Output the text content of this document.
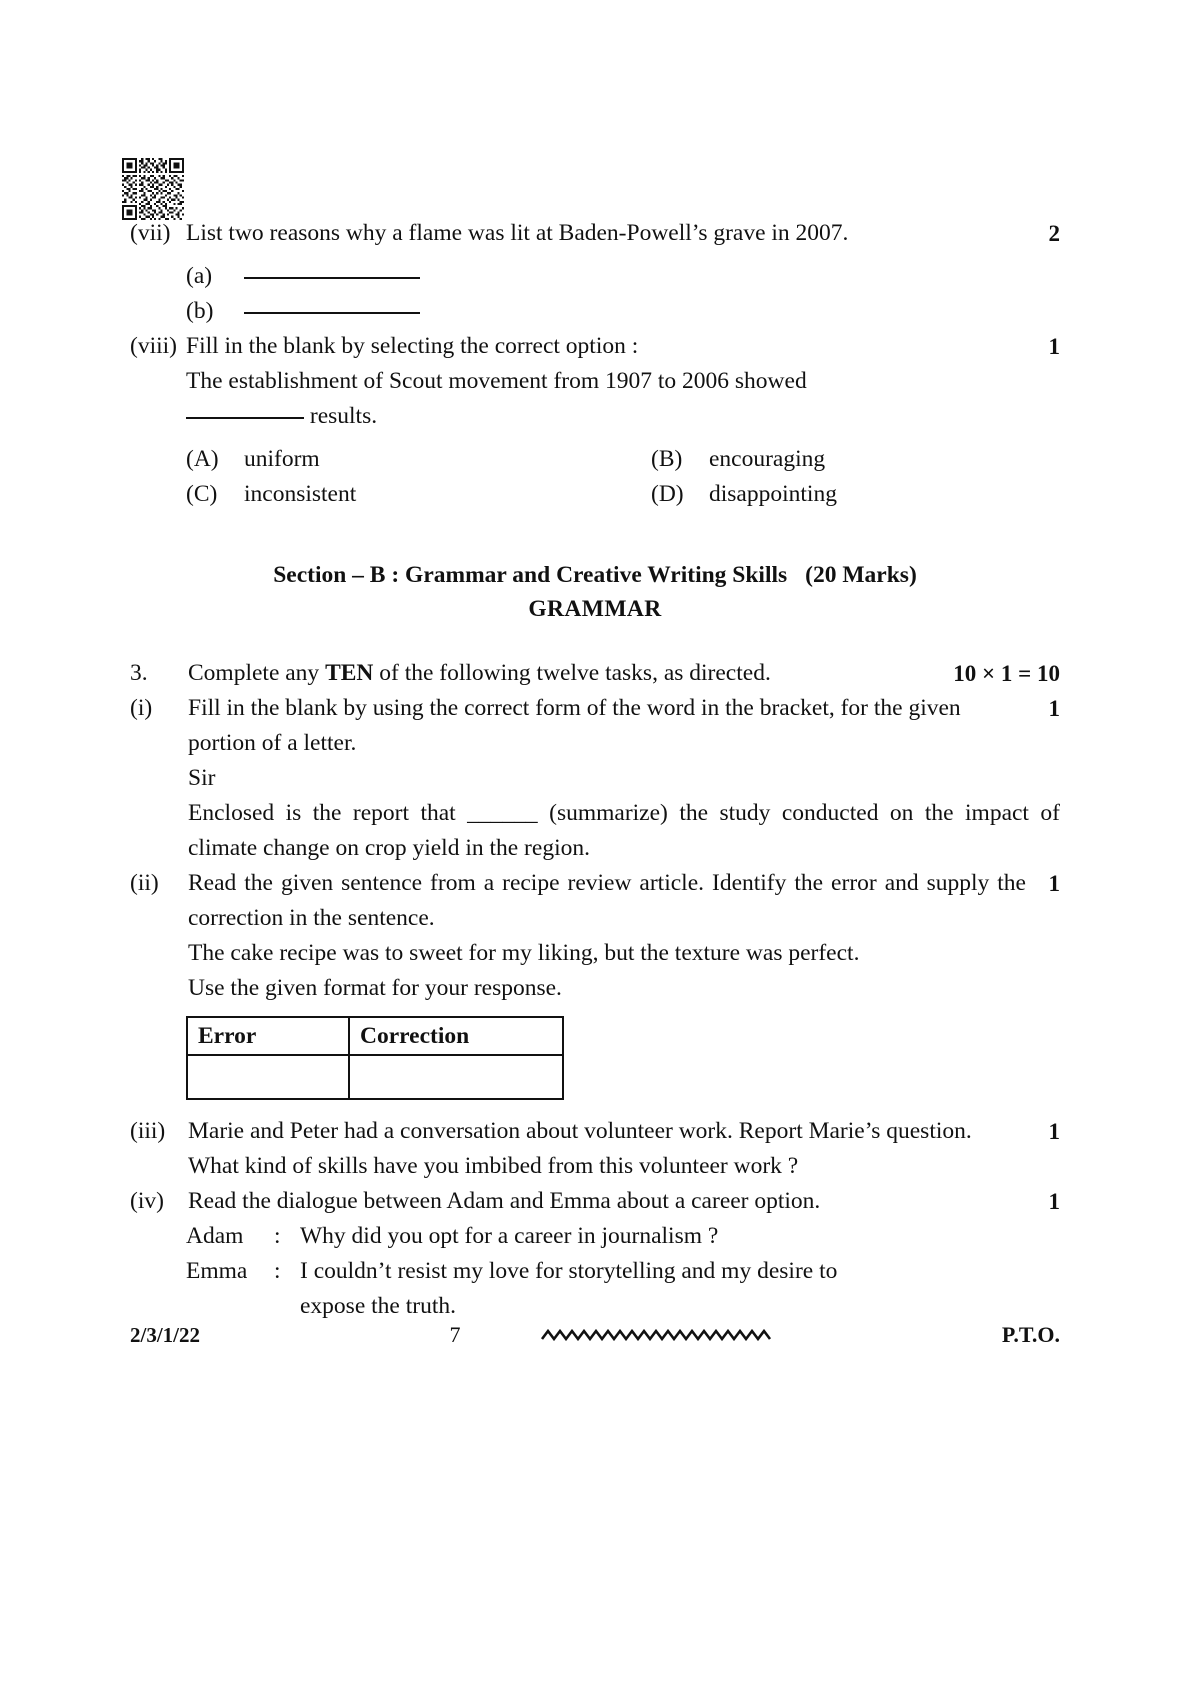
(vii) List two reasons why a flame was lit at Baden-Powell’s grave in 2007.	2
(a)
(b)
(viii) Fill in the blank by selecting the correct option :	1
The establishment of Scout movement from 1907 to 2006 showed
results.
(A)	uniform	(B)	encouraging
(C)	inconsistent	(D)	disappointing
Section – B : Grammar and Creative Writing Skills (20 Marks)
GRAMMAR
3.	Complete any TEN of the following twelve tasks, as directed.	10 × 1 = 10
(i)	Fill in the blank by using the correct form of the word in the bracket, for the given portion of a letter.
1
Sir
Enclosed is the report that ______ (summarize) the study conducted on the impact of climate change on crop yield in the region.
(ii)	Read the given sentence from a recipe review article. Identify the error and supply the correction in the sentence.
1
The cake recipe was to sweet for my liking, but the texture was perfect.
Use the given format for your response.
Error	Correction

(iii) Marie and Peter had a conversation about volunteer work. Report Marie’s question.	1
What kind of skills have you imbibed from this volunteer work ?
(iv)	Read the dialogue between Adam and Emma about a career option.	1
Adam	: Why did you opt for a career in journalism ?
Emma	: I couldn’t resist my love for storytelling and my desire to
expose the truth.
2/3/1/22	7	P.T.O.
